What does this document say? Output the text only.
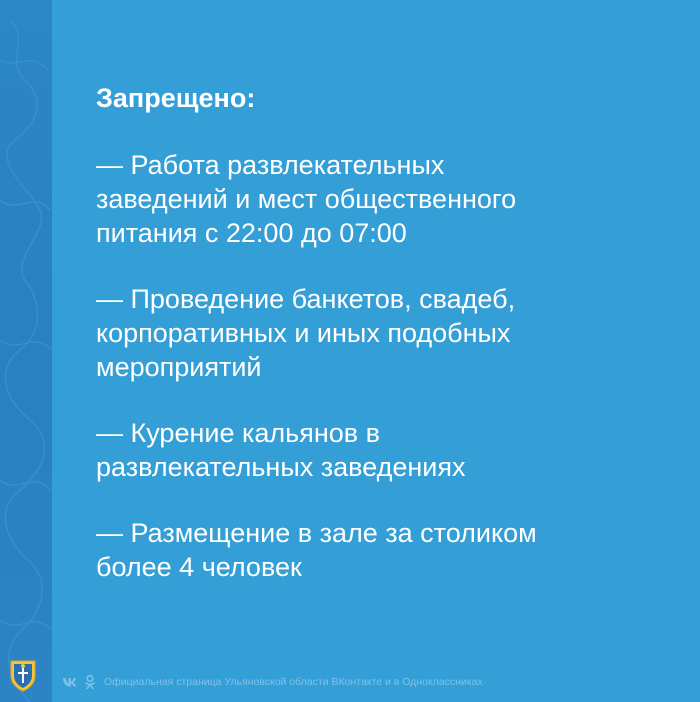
Запрещено:
— Работа развлекательных
заведений и мест общественного
питания с 22:00 до 07:00
— Проведение банкетов, свадеб,
корпоративных и иных подобных
мероприятий
— Курение кальянов в
развлекательных заведениях
— Размещение в зале за столиком
более 4 человек
Официальная страница Ульяновской области ВКонтакте и в Одноклассниках
